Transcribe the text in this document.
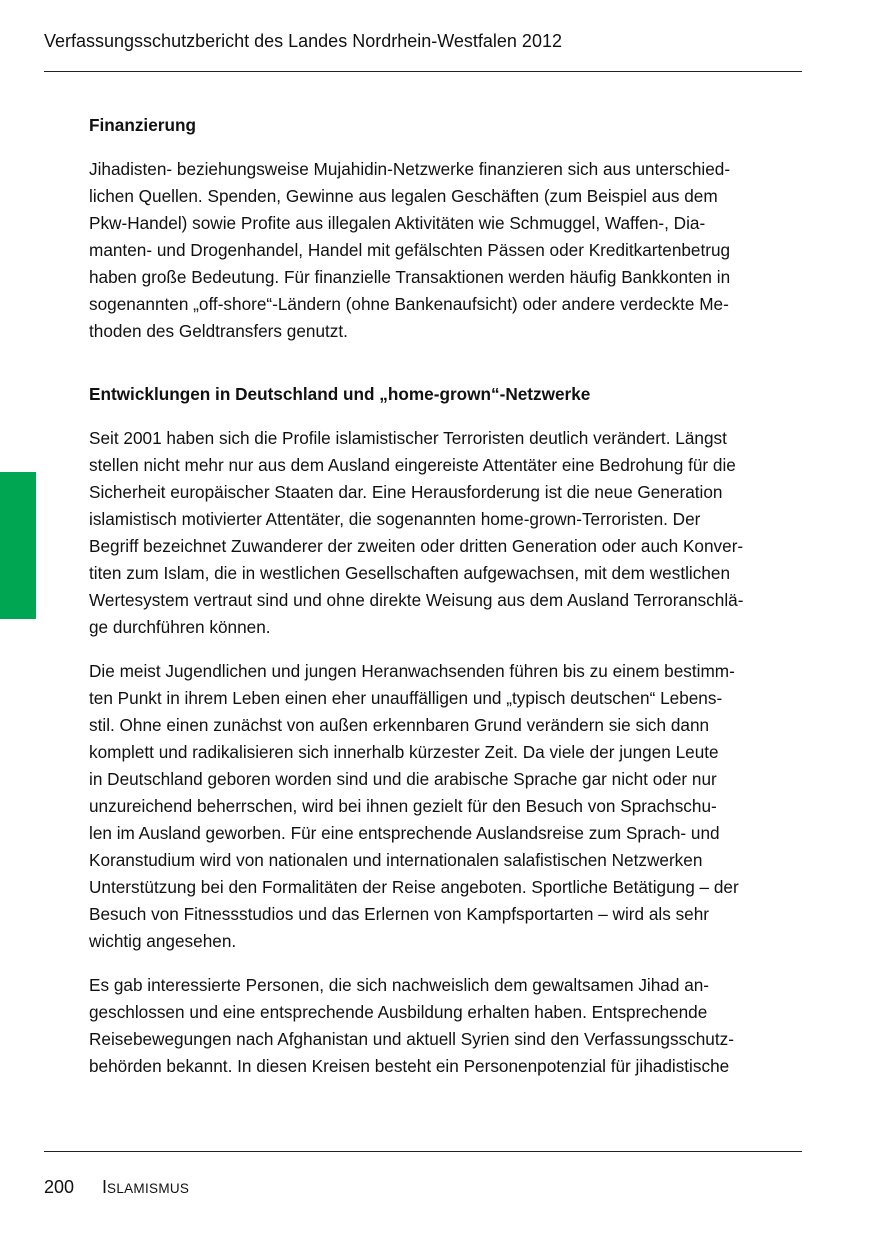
Verfassungsschutzbericht des Landes Nordrhein-Westfalen 2012
Finanzierung

Jihadisten- beziehungsweise Mujahidin-Netzwerke finanzieren sich aus unterschied-
lichen Quellen. Spenden, Gewinne aus legalen Geschäften (zum Beispiel aus dem
Pkw-Handel) sowie Profite aus illegalen Aktivitäten wie Schmuggel, Waffen-, Dia-
manten- und Drogenhandel, Handel mit gefälschten Pässen oder Kreditkartenbetrug
haben große Bedeutung. Für finanzielle Transaktionen werden häufig Bankkonten in
sogenannten „off-shore“-Ländern (ohne Bankenaufsicht) oder andere verdeckte Me-
thoden des Geldtransfers genutzt.

Entwicklungen in Deutschland und „home-grown“-Netzwerke

Seit 2001 haben sich die Profile islamistischer Terroristen deutlich verändert. Längst
stellen nicht mehr nur aus dem Ausland eingereiste Attentäter eine Bedrohung für die
Sicherheit europäischer Staaten dar. Eine Herausforderung ist die neue Generation
islamistisch motivierter Attentäter, die sogenannten home-grown-Terroristen. Der
Begriff bezeichnet Zuwanderer der zweiten oder dritten Generation oder auch Konver-
titen zum Islam, die in westlichen Gesellschaften aufgewachsen, mit dem westlichen
Wertesystem vertraut sind und ohne direkte Weisung aus dem Ausland Terroranschlä-
ge durchführen können.

Die meist Jugendlichen und jungen Heranwachsenden führen bis zu einem bestimm-
ten Punkt in ihrem Leben einen eher unauffälligen und „typisch deutschen“ Lebens-
stil. Ohne einen zunächst von außen erkennbaren Grund verändern sie sich dann
komplett und radikalisieren sich innerhalb kürzester Zeit. Da viele der jungen Leute
in Deutschland geboren worden sind und die arabische Sprache gar nicht oder nur
unzureichend beherrschen, wird bei ihnen gezielt für den Besuch von Sprachschu-
len im Ausland geworben. Für eine entsprechende Auslandsreise zum Sprach- und
Koranstudium wird von nationalen und internationalen salafistischen Netzwerken
Unterstützung bei den Formalitäten der Reise angeboten. Sportliche Betätigung – der
Besuch von Fitnessstudios und das Erlernen von Kampfsportarten – wird als sehr
wichtig angesehen.

Es gab interessierte Personen, die sich nachweislich dem gewaltsamen Jihad an-
geschlossen und eine entsprechende Ausbildung erhalten haben. Entsprechende
Reisebewegungen nach Afghanistan und aktuell Syrien sind den Verfassungsschutz-
behörden bekannt. In diesen Kreisen besteht ein Personenpotenzial für jihadistische

200 ISLAMISMUS
